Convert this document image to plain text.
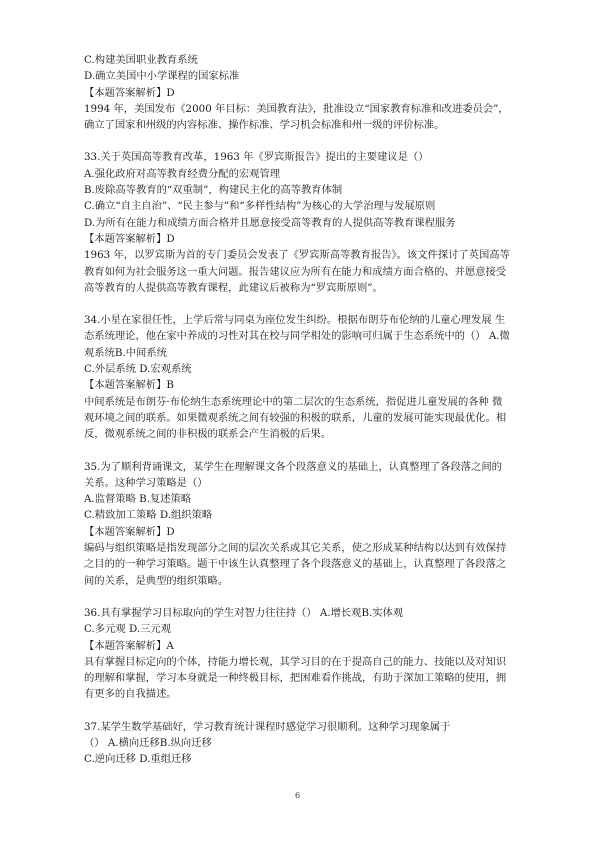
C.构建美国职业教育系统
D.确立美国中小学课程的国家标准
【本题答案解析】D
1994 年，美国发布《2000 年目标：美国教育法》，批准设立“国家教育标准和改进委员会”， 确立了国家和州级的内容标准、操作标准、学习机会标准和州一级的评价标准。
33.关于英国高等教育改革，1963 年《罗宾斯报告》提出的主要建议是（）
A.强化政府对高等教育经费分配的宏观管理
B.废除高等教育的“双重制”，构建民主化的高等教育体制
C.确立“自主自治”、“民主参与”和“多样性结构”为核心的大学治理与发展原则
D.为所有在能力和成绩方面合格并且愿意接受高等教育的人提供高等教育课程服务
【本题答案解析】D
1963 年，以罗宾斯为首的专门委员会发表了《罗宾斯高等教育报告》。该文件探讨了英国高等教育如何为社会服务这一重大问题。报告建议应为所有在能力和成绩方面合格的、并愿意接受高等教育的人提供高等教育课程，此建议后被称为“罗宾斯原则”。
34.小星在家很任性，上学后常与同桌为座位发生纠纷。根据布朗芬布伦纳的儿童心理发展 生态系统理论，他在家中养成的习性对其在校与同学相处的影响可归属于生态系统中的（） A.微观系统B.中间系统
C.外层系统 D.宏观系统
【本题答案解析】B
中间系统是布朗芬·布伦纳生态系统理论中的第二层次的生态系统，指促进儿童发展的各种 微观环境之间的联系。如果微观系统之间有较强的积极的联系，儿童的发展可能实现最优化。相反，微观系统之间的非积极的联系会产生消极的后果。
35.为了顺利背诵课文，某学生在理解课文各个段落意义的基础上，认真整理了各段落之间的关系。这种学习策略是（）
A.监督策略 B.复述策略
C.精致加工策略 D.组织策略
【本题答案解析】D
编码与组织策略是指发现部分之间的层次关系或其它关系，使之形成某种结构以达到有效保持之目的的一种学习策略。题干中该生认真整理了各个段落意义的基础上，认真整理了各段落之间的关系，是典型的组织策略。
36.具有掌握学习目标取向的学生对智力往往持（） A.增长观B.实体观
C.多元观 D.三元观
【本题答案解析】A
具有掌握目标定向的个体，持能力增长观，其学习目的在于提高自己的能力、技能以及对知识的理解和掌握，学习本身就是一种终极目标，把困难看作挑战，有助于深加工策略的使用，拥有更多的自我描述。
37.某学生数学基础好，学习教育统计课程时感觉学习很顺利。这种学习现象属于
（） A.横向迁移B.纵向迁移
C.逆向迁移 D.重组迁移
6
